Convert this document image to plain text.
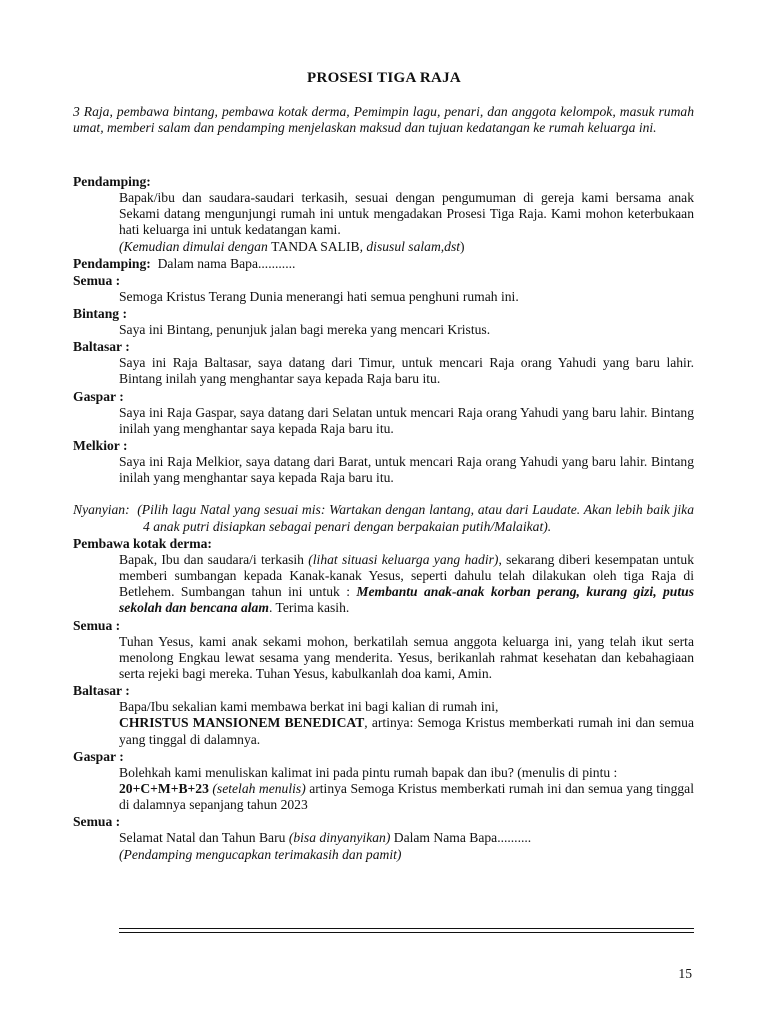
PROSESI TIGA RAJA
3 Raja, pembawa bintang, pembawa kotak derma, Pemimpin lagu, penari, dan anggota kelompok, masuk rumah umat, memberi salam dan pendamping menjelaskan maksud dan tujuan kedatangan ke rumah keluarga ini.
Pendamping:
Bapak/ibu dan saudara-saudari terkasih, sesuai dengan pengumuman di gereja kami bersama anak Sekami datang mengunjungi rumah ini untuk mengadakan Prosesi Tiga Raja. Kami mohon keterbukaan hati keluarga ini untuk kedatangan kami.
(Kemudian dimulai dengan TANDA SALIB, disusul salam,dst)
Pendamping: Dalam nama Bapa...........
Semua :
Semoga Kristus Terang Dunia menerangi hati semua penghuni rumah ini.
Bintang :
Saya ini Bintang, penunjuk jalan bagi mereka yang mencari Kristus.
Baltasar :
Saya ini Raja Baltasar, saya datang dari Timur, untuk mencari Raja orang Yahudi yang baru lahir. Bintang inilah yang menghantar saya kepada Raja baru itu.
Gaspar :
Saya ini Raja Gaspar, saya datang dari Selatan untuk mencari Raja orang Yahudi yang baru lahir. Bintang inilah yang menghantar saya kepada Raja baru itu.
Melkior :
Saya ini Raja Melkior, saya datang dari Barat, untuk mencari Raja orang Yahudi yang baru lahir. Bintang inilah yang menghantar saya kepada Raja baru itu.
Nyanyian: (Pilih lagu Natal yang sesuai mis: Wartakan dengan lantang, atau dari Laudate. Akan lebih baik jika 4 anak putri disiapkan sebagai penari dengan berpakaian putih/Malaikat).
Pembawa kotak derma:
Bapak, Ibu dan saudara/i terkasih (lihat situasi keluarga yang hadir), sekarang diberi kesempatan untuk memberi sumbangan kepada Kanak-kanak Yesus, seperti dahulu telah dilakukan oleh tiga Raja di Betlehem. Sumbangan tahun ini untuk : Membantu anak-anak korban perang, kurang gizi, putus sekolah dan bencana alam. Terima kasih.
Semua :
Tuhan Yesus, kami anak sekami mohon, berkatilah semua anggota keluarga ini, yang telah ikut serta menolong Engkau lewat sesama yang menderita. Yesus, berikanlah rahmat kesehatan dan kebahagiaan serta rejeki bagi mereka. Tuhan Yesus, kabulkanlah doa kami, Amin.
Baltasar :
Bapa/Ibu sekalian kami membawa berkat ini bagi kalian di rumah ini,
CHRISTUS MANSIONEM BENEDICAT, artinya: Semoga Kristus memberkati rumah ini dan semua yang tinggal di dalamnya.
Gaspar :
Bolehkah kami menuliskan kalimat ini pada pintu rumah bapak dan ibu? (menulis di pintu :
20+C+M+B+23 (setelah menulis) artinya Semoga Kristus memberkati rumah ini dan semua yang tinggal di dalamnya sepanjang tahun 2023
Semua :
Selamat Natal dan Tahun Baru (bisa dinyanyikan) Dalam Nama Bapa..........
(Pendamping mengucapkan terimakasih dan pamit)
15
